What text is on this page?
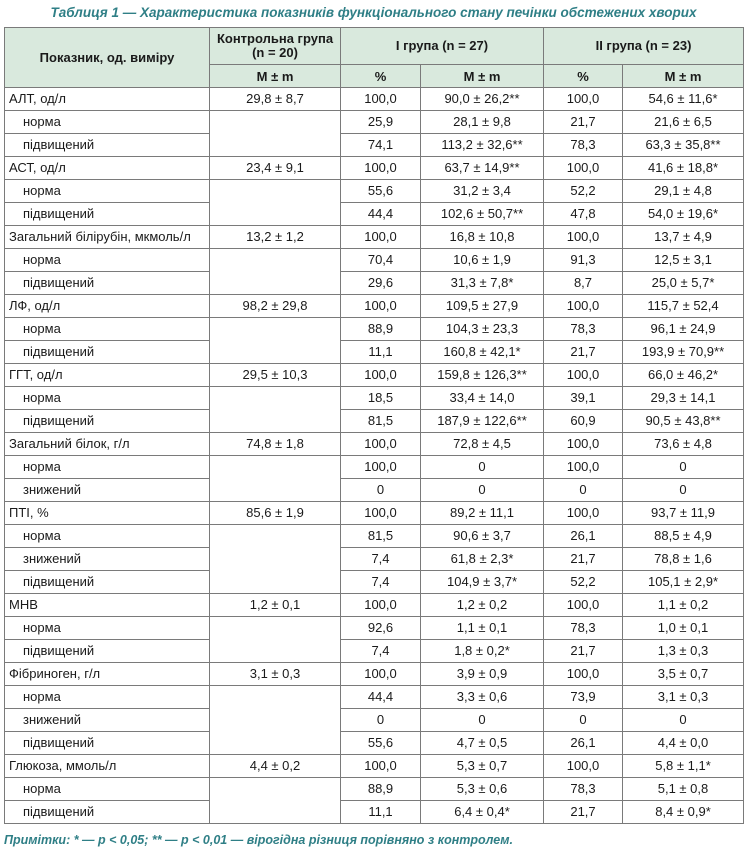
Таблиця 1 — Характеристика показників функціонального стану печінки обстежених хворих
Показник, од. виміру	Контрольна група (n = 20)	I група (n = 27)		II група (n = 23)	
	M ± m	%	M ± m	%	M ± m
АЛТ, од/л	29,8 ± 8,7	100,0	90,0 ± 26,2**	100,0	54,6 ± 11,6*
норма		25,9	28,1 ± 9,8	21,7	21,6 ± 6,5
підвищений		74,1	113,2 ± 32,6**	78,3	63,3 ± 35,8**
АСТ, од/л	23,4 ± 9,1	100,0	63,7 ± 14,9**	100,0	41,6 ± 18,8*
норма		55,6	31,2 ± 3,4	52,2	29,1 ± 4,8
підвищений		44,4	102,6 ± 50,7**	47,8	54,0 ± 19,6*
Загальний білірубін, мкмоль/л	13,2 ± 1,2	100,0	16,8 ± 10,8	100,0	13,7 ± 4,9
норма		70,4	10,6 ± 1,9	91,3	12,5 ± 3,1
підвищений		29,6	31,3 ± 7,8*	8,7	25,0 ± 5,7*
ЛФ, од/л	98,2 ± 29,8	100,0	109,5 ± 27,9	100,0	115,7 ± 52,4
норма		88,9	104,3 ± 23,3	78,3	96,1 ± 24,9
підвищений		11,1	160,8 ± 42,1*	21,7	193,9 ± 70,9**
ГГТ, од/л	29,5 ± 10,3	100,0	159,8 ± 126,3**	100,0	66,0 ± 46,2*
норма		18,5	33,4 ± 14,0	39,1	29,3 ± 14,1
підвищений		81,5	187,9 ± 122,6**	60,9	90,5 ± 43,8**
Загальний білок, г/л	74,8 ± 1,8	100,0	72,8 ± 4,5	100,0	73,6 ± 4,8
норма		100,0	0	100,0	0
знижений		0	0	0	0
ПТІ, %	85,6 ± 1,9	100,0	89,2 ± 11,1	100,0	93,7 ± 11,9
норма		81,5	90,6 ± 3,7	26,1	88,5 ± 4,9
знижений		7,4	61,8 ± 2,3*	21,7	78,8 ± 1,6
підвищений		7,4	104,9 ± 3,7*	52,2	105,1 ± 2,9*
МНВ	1,2 ± 0,1	100,0	1,2 ± 0,2	100,0	1,1 ± 0,2
норма		92,6	1,1 ± 0,1	78,3	1,0 ± 0,1
підвищений		7,4	1,8 ± 0,2*	21,7	1,3 ± 0,3
Фібриноген, г/л	3,1 ± 0,3	100,0	3,9 ± 0,9	100,0	3,5 ± 0,7
норма		44,4	3,3 ± 0,6	73,9	3,1 ± 0,3
знижений		0	0	0	0
підвищений		55,6	4,7 ± 0,5	26,1	4,4 ± 0,0
Глюкоза, ммоль/л	4,4 ± 0,2	100,0	5,3 ± 0,7	100,0	5,8 ± 1,1*
норма		88,9	5,3 ± 0,6	78,3	5,1 ± 0,8
підвищений		11,1	6,4 ± 0,4*	21,7	8,4 ± 0,9*
Примітки: * — p < 0,05; ** — p < 0,01 — вірогідна різниця порівняно з контролем.
